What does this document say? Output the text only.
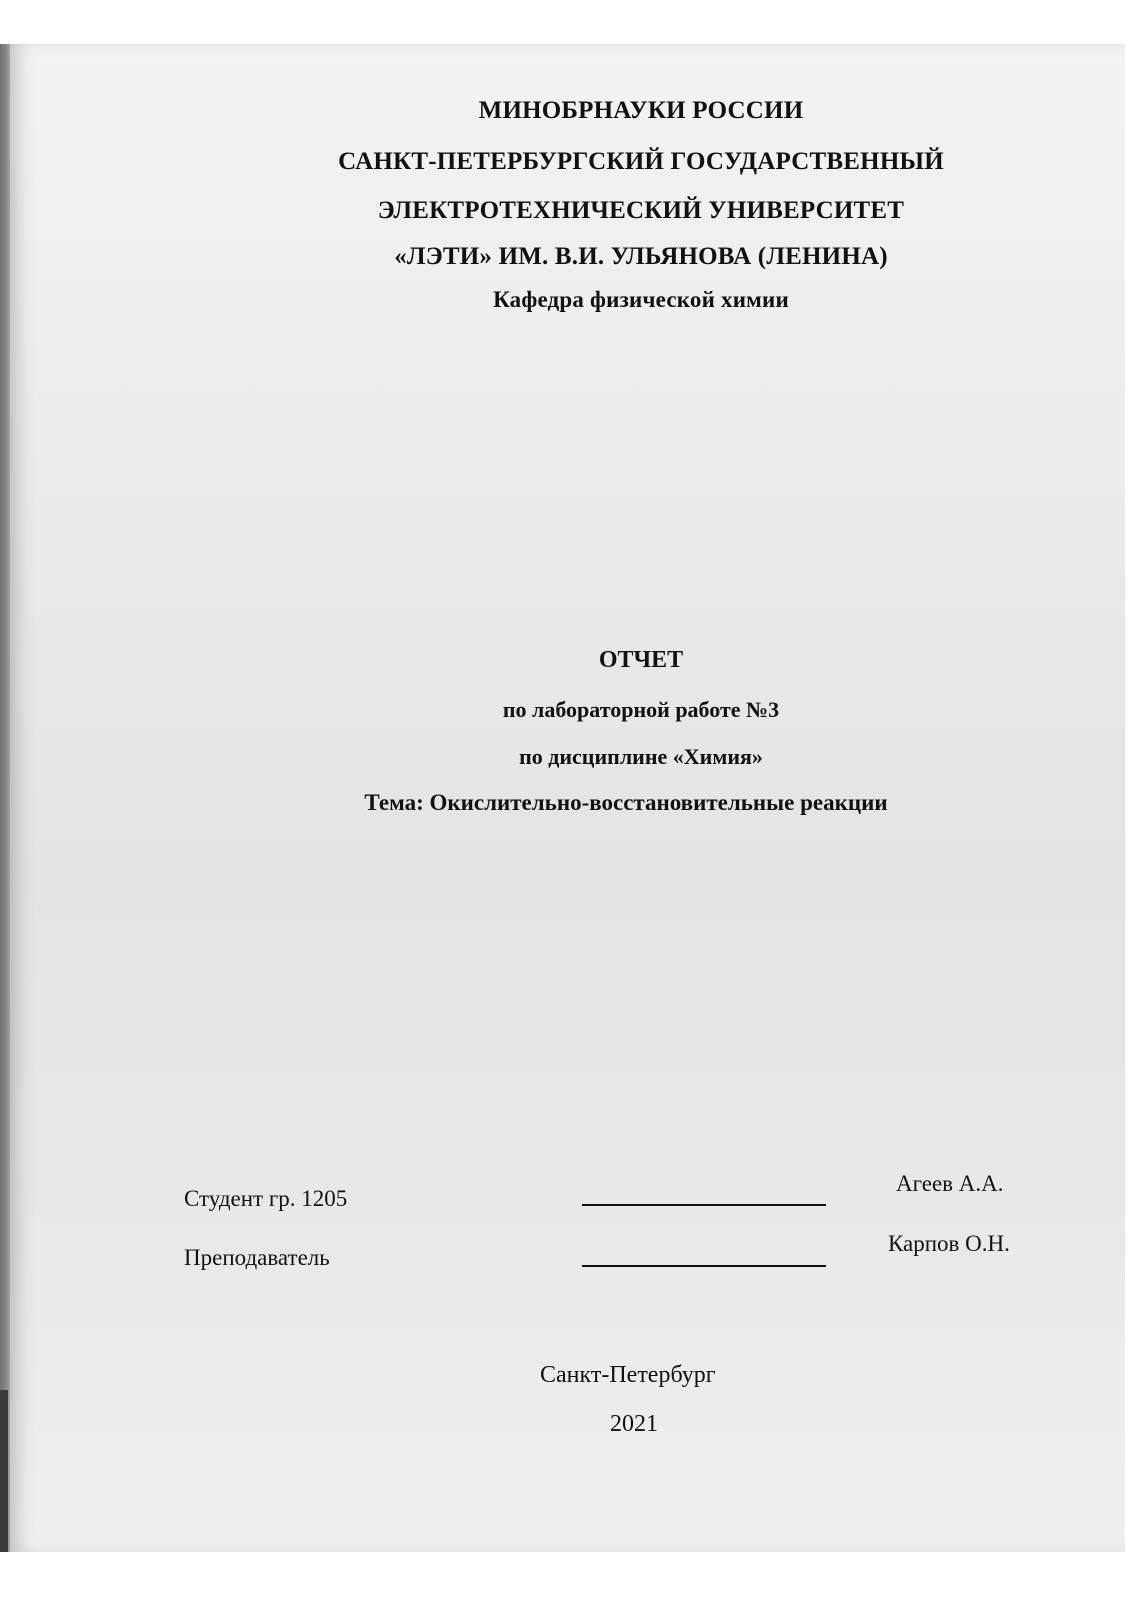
МИНОБРНАУКИ РОССИИ
САНКТ-ПЕТЕРБУРГСКИЙ ГОСУДАРСТВЕННЫЙ
ЭЛЕКТРОТЕХНИЧЕСКИЙ УНИВЕРСИТЕТ
«ЛЭТИ» ИМ. В.И. УЛЬЯНОВА (ЛЕНИНА)
Кафедра физической химии
ОТЧЕТ
по лабораторной работе №3
по дисциплине «Химия»
Тема: Окислительно-восстановительные реакции
Студент гр. 1205
Агеев А.А.
Преподаватель
Карпов О.Н.
Санкт-Петербург
2021
